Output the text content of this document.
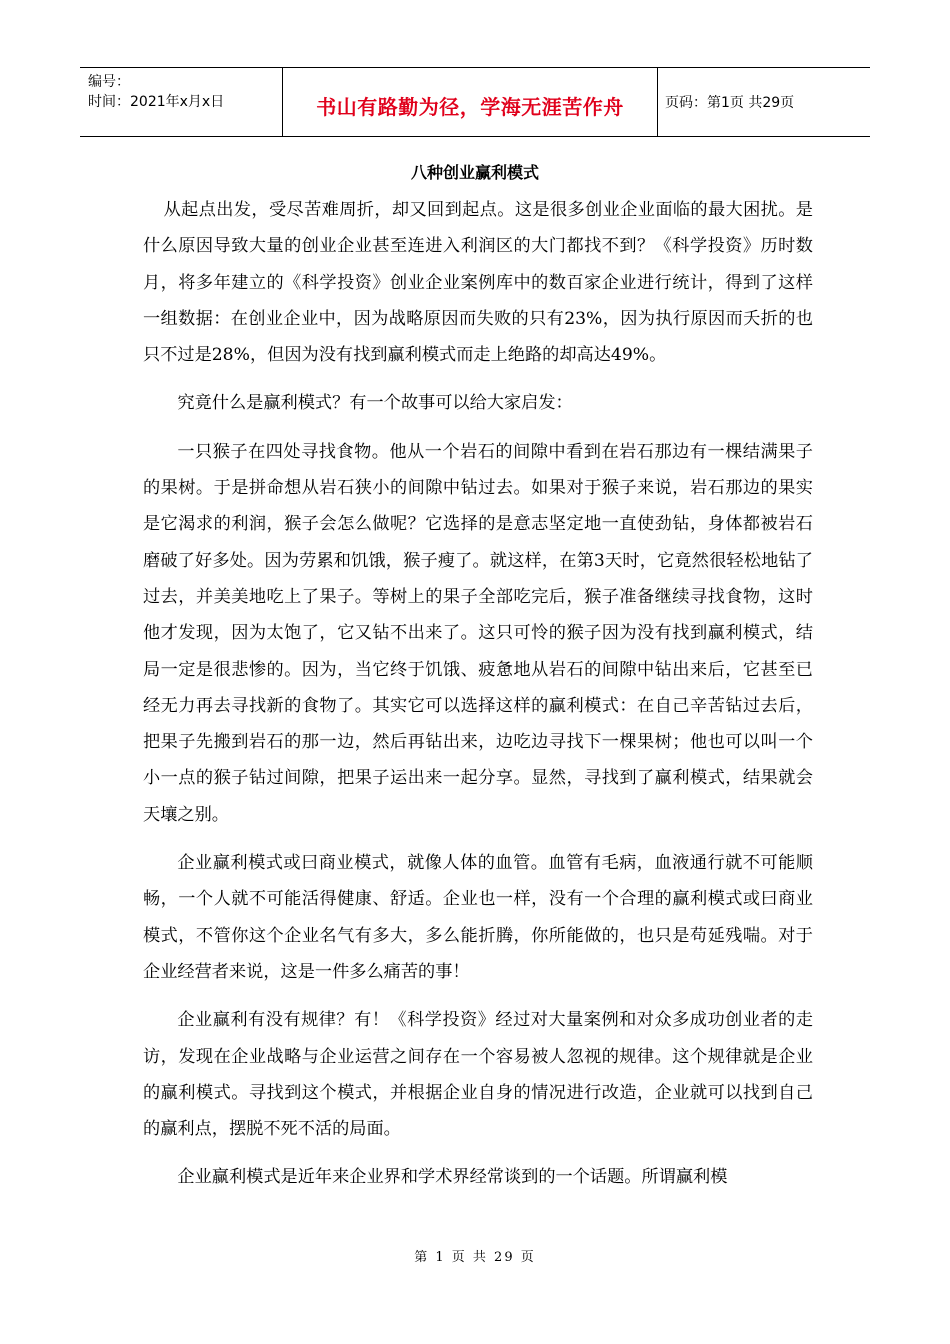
编号：
时间：2021年x月x日	书山有路勤为径，学海无涯苦作舟	页码：第1页 共29页
八种创业赢利模式

从起点出发，受尽苦难周折，却又回到起点。这是很多创业企业面临的最大困扰。是什么原因导致大量的创业企业甚至连进入利润区的大门都找不到？《科学投资》历时数月，将多年建立的《科学投资》创业企业案例库中的数百家企业进行统计，得到了这样一组数据：在创业企业中，因为战略原因而失败的只有23%，因为执行原因而夭折的也只不过是28%，但因为没有找到赢利模式而走上绝路的却高达49%。

究竟什么是赢利模式？有一个故事可以给大家启发：

一只猴子在四处寻找食物。他从一个岩石的间隙中看到在岩石那边有一棵结满果子的果树。于是拼命想从岩石狭小的间隙中钻过去。如果对于猴子来说，岩石那边的果实是它渴求的利润，猴子会怎么做呢？它选择的是意志坚定地一直使劲钻，身体都被岩石磨破了好多处。因为劳累和饥饿，猴子瘦了。就这样，在第3天时，它竟然很轻松地钻了过去，并美美地吃上了果子。等树上的果子全部吃完后，猴子准备继续寻找食物，这时他才发现，因为太饱了，它又钻不出来了。这只可怜的猴子因为没有找到赢利模式，结局一定是很悲惨的。因为，当它终于饥饿、疲惫地从岩石的间隙中钻出来后，它甚至已经无力再去寻找新的食物了。其实它可以选择这样的赢利模式：在自己辛苦钻过去后，把果子先搬到岩石的那一边，然后再钻出来，边吃边寻找下一棵果树；他也可以叫一个小一点的猴子钻过间隙，把果子运出来一起分享。显然，寻找到了赢利模式，结果就会天壤之别。

企业赢利模式或曰商业模式，就像人体的血管。血管有毛病，血液通行就不可能顺畅，一个人就不可能活得健康、舒适。企业也一样，没有一个合理的赢利模式或曰商业模式，不管你这个企业名气有多大，多么能折腾，你所能做的，也只是苟延残喘。对于企业经营者来说，这是一件多么痛苦的事！

企业赢利有没有规律？有！《科学投资》经过对大量案例和对众多成功创业者的走访，发现在企业战略与企业运营之间存在一个容易被人忽视的规律。这个规律就是企业的赢利模式。寻找到这个模式，并根据企业自身的情况进行改造，企业就可以找到自己的赢利点，摆脱不死不活的局面。

企业赢利模式是近年来企业界和学术界经常谈到的一个话题。所谓赢利模

第 1 页 共 29 页
